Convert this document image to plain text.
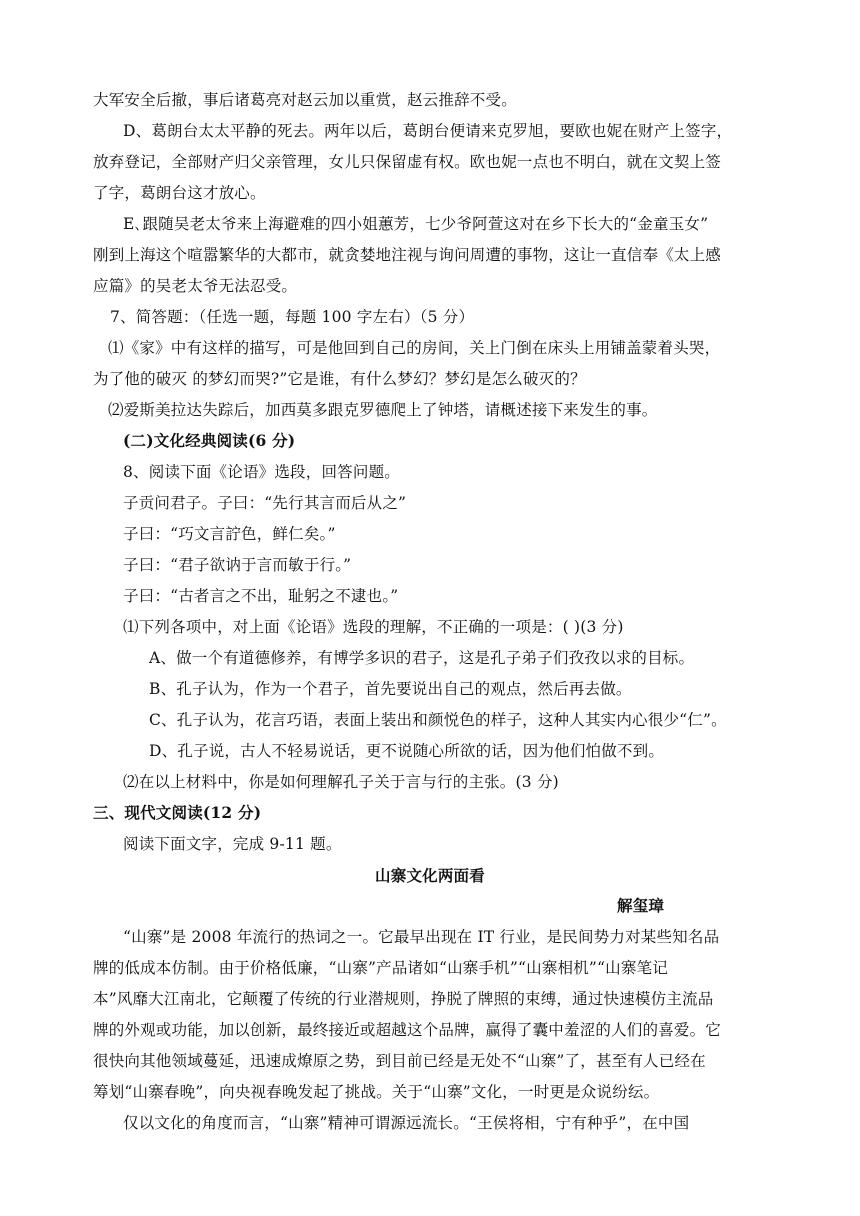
大军安全后撤，事后诸葛亮对赵云加以重赏，赵云推辞不受。
D、葛朗台太太平静的死去。两年以后，葛朗台便请来克罗旭，要欧也妮在财产上签字，
放弃登记，全部财产归父亲管理，女儿只保留虚有权。欧也妮一点也不明白，就在文契上签
了字，葛朗台这才放心。
E､跟随吴老太爷来上海避难的四小姐蕙芳，七少爷阿萱这对在乡下长大的“金童玉女”
刚到上海这个喧嚣繁华的大都市，就贪婪地注视与询问周遭的事物，这让一直信奉《太上感
应篇》的吴老太爷无法忍受。
7、简答题：（任选一题，每题 100 字左右）（5 分）
⑴《家》中有这样的描写，可是他回到自己的房间，关上门倒在床头上用铺盖蒙着头哭，
为了他的破灭 的梦幻而哭?”它是谁，有什么梦幻？梦幻是怎么破灭的？
⑵爱斯美拉达失踪后，加西莫多跟克罗德爬上了钟塔，请概述接下来发生的事。
(二)文化经典阅读(6 分)
8、阅读下面《论语》选段，回答问题。
子贡问君子。子曰：“先行其言而后从之”
子曰：“巧文言詝色，鲜仁矣。”
子曰：“君子欲讷于言而敏于行。”
子曰：“古者言之不出，耻躬之不逮也。”
⑴下列各项中，对上面《论语》选段的理解，不正确的一项是：( )(3 分)
A、做一个有道德修养，有博学多识的君子，这是孔子弟子们孜孜以求的目标。
B、孔子认为，作为一个君子，首先要说出自己的观点，然后再去做。
C、孔子认为，花言巧语，表面上装出和颜悦色的样子，这种人其实内心很少“仁”。
D、孔子说，古人不轻易说话，更不说随心所欲的话，因为他们怕做不到。
⑵在以上材料中，你是如何理解孔子关于言与行的主张。(3 分)
三、现代文阅读(12 分)
阅读下面文字，完成 9-11 题。
山寨文化两面看
解玺璋
“山寨”是 2008 年流行的热词之一。它最早出现在 IT 行业，是民间势力对某些知名品
牌的低成本仿制。由于价格低廉，“山寨”产品诸如“山寨手机”“山寨相机”“山寨笔记
本”风靡大江南北，它颠覆了传统的行业潜规则，挣脱了牌照的束缚，通过快速模仿主流品
牌的外观或功能，加以创新，最终接近或超越这个品牌，赢得了囊中羞涩的人们的喜爱。它
很快向其他领域蔓延，迅速成燎原之势，到目前已经是无处不“山寨”了，甚至有人已经在
筹划“山寨春晚”，向央视春晚发起了挑战。关于“山寨”文化，一时更是众说纷纭。
仅以文化的角度而言，“山寨”精神可谓源远流长。“王侯将相，宁有种乎”，在中国
